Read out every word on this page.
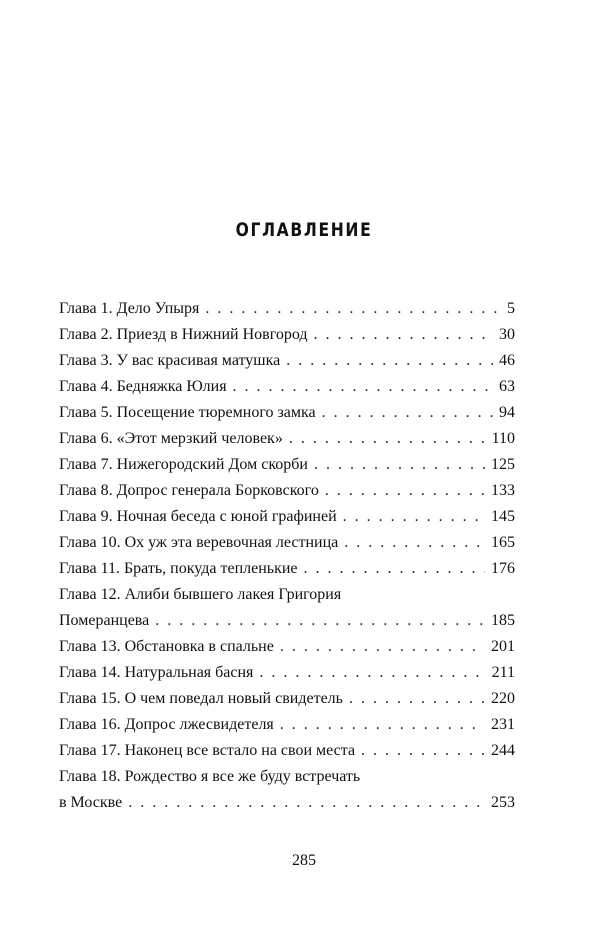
ОГЛАВЛЕНИЕ
Глава 1. Дело Упыря . . .	5
Глава 2. Приезд в Нижний Новгород . . .	30
Глава 3. У вас красивая матушка . . .	46
Глава 4. Бедняжка Юлия . . .	63
Глава 5. Посещение тюремного замка . . .	94
Глава 6. «Этот мерзкий человек» . . .	110
Глава 7. Нижегородский Дом скорби . . .	125
Глава 8. Допрос генерала Борковского . . .	133
Глава 9. Ночная беседа с юной графиней . . .	145
Глава 10. Ох уж эта веревочная лестница . . .	165
Глава 11. Брать, покуда тепленькие . . .	176
Глава 12. Алиби бывшего лакея Григория
Померанцева . . .	185
Глава 13. Обстановка в спальне . . .	201
Глава 14. Натуральная басня . . .	211
Глава 15. О чем поведал новый свидетель . . .	220
Глава 16. Допрос лжесвидетеля . . .	231
Глава 17. Наконец все встало на свои места . . .	244
Глава 18. Рождество я все же буду встречать
в Москве . . .	253
285
